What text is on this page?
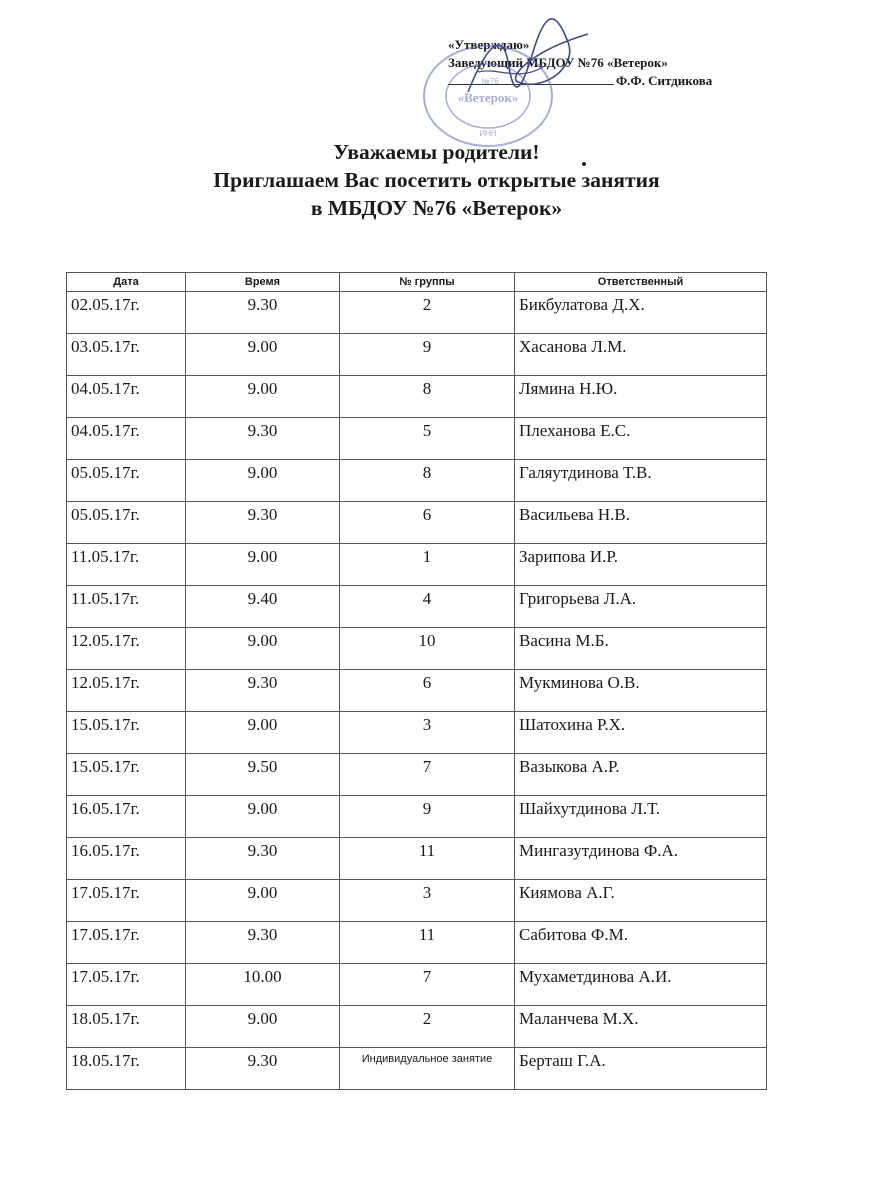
«Утверждаю»
Заведующий МБДОУ №76 «Ветерок»
Ф.Ф. Ситдикова
«Ветерок»
№76
ИНН
Уважаемы родители!
Приглашаем Вас посетить открытые занятия
в МБДОУ №76 «Ветерок»
Дата	Время	№ группы	Ответственный
02.05.17г.	9.30	2	Бикбулатова Д.Х.
03.05.17г.	9.00	9	Хасанова Л.М.
04.05.17г.	9.00	8	Лямина Н.Ю.
04.05.17г.	9.30	5	Плеханова Е.С.
05.05.17г.	9.00	8	Галяутдинова Т.В.
05.05.17г.	9.30	6	Васильева Н.В.
11.05.17г.	9.00	1	Зарипова И.Р.
11.05.17г.	9.40	4	Григорьева Л.А.
12.05.17г.	9.00	10	Васина М.Б.
12.05.17г.	9.30	6	Мукминова О.В.
15.05.17г.	9.00	3	Шатохина Р.Х.
15.05.17г.	9.50	7	Вазыкова А.Р.
16.05.17г.	9.00	9	Шайхутдинова Л.Т.
16.05.17г.	9.30	11	Мингазутдинова Ф.А.
17.05.17г.	9.00	3	Киямова А.Г.
17.05.17г.	9.30	11	Сабитова Ф.М.
17.05.17г.	10.00	7	Мухаметдинова А.И.
18.05.17г.	9.00	2	Маланчева М.Х.
18.05.17г.	9.30	Индивидуальное занятие	Берташ Г.А.
